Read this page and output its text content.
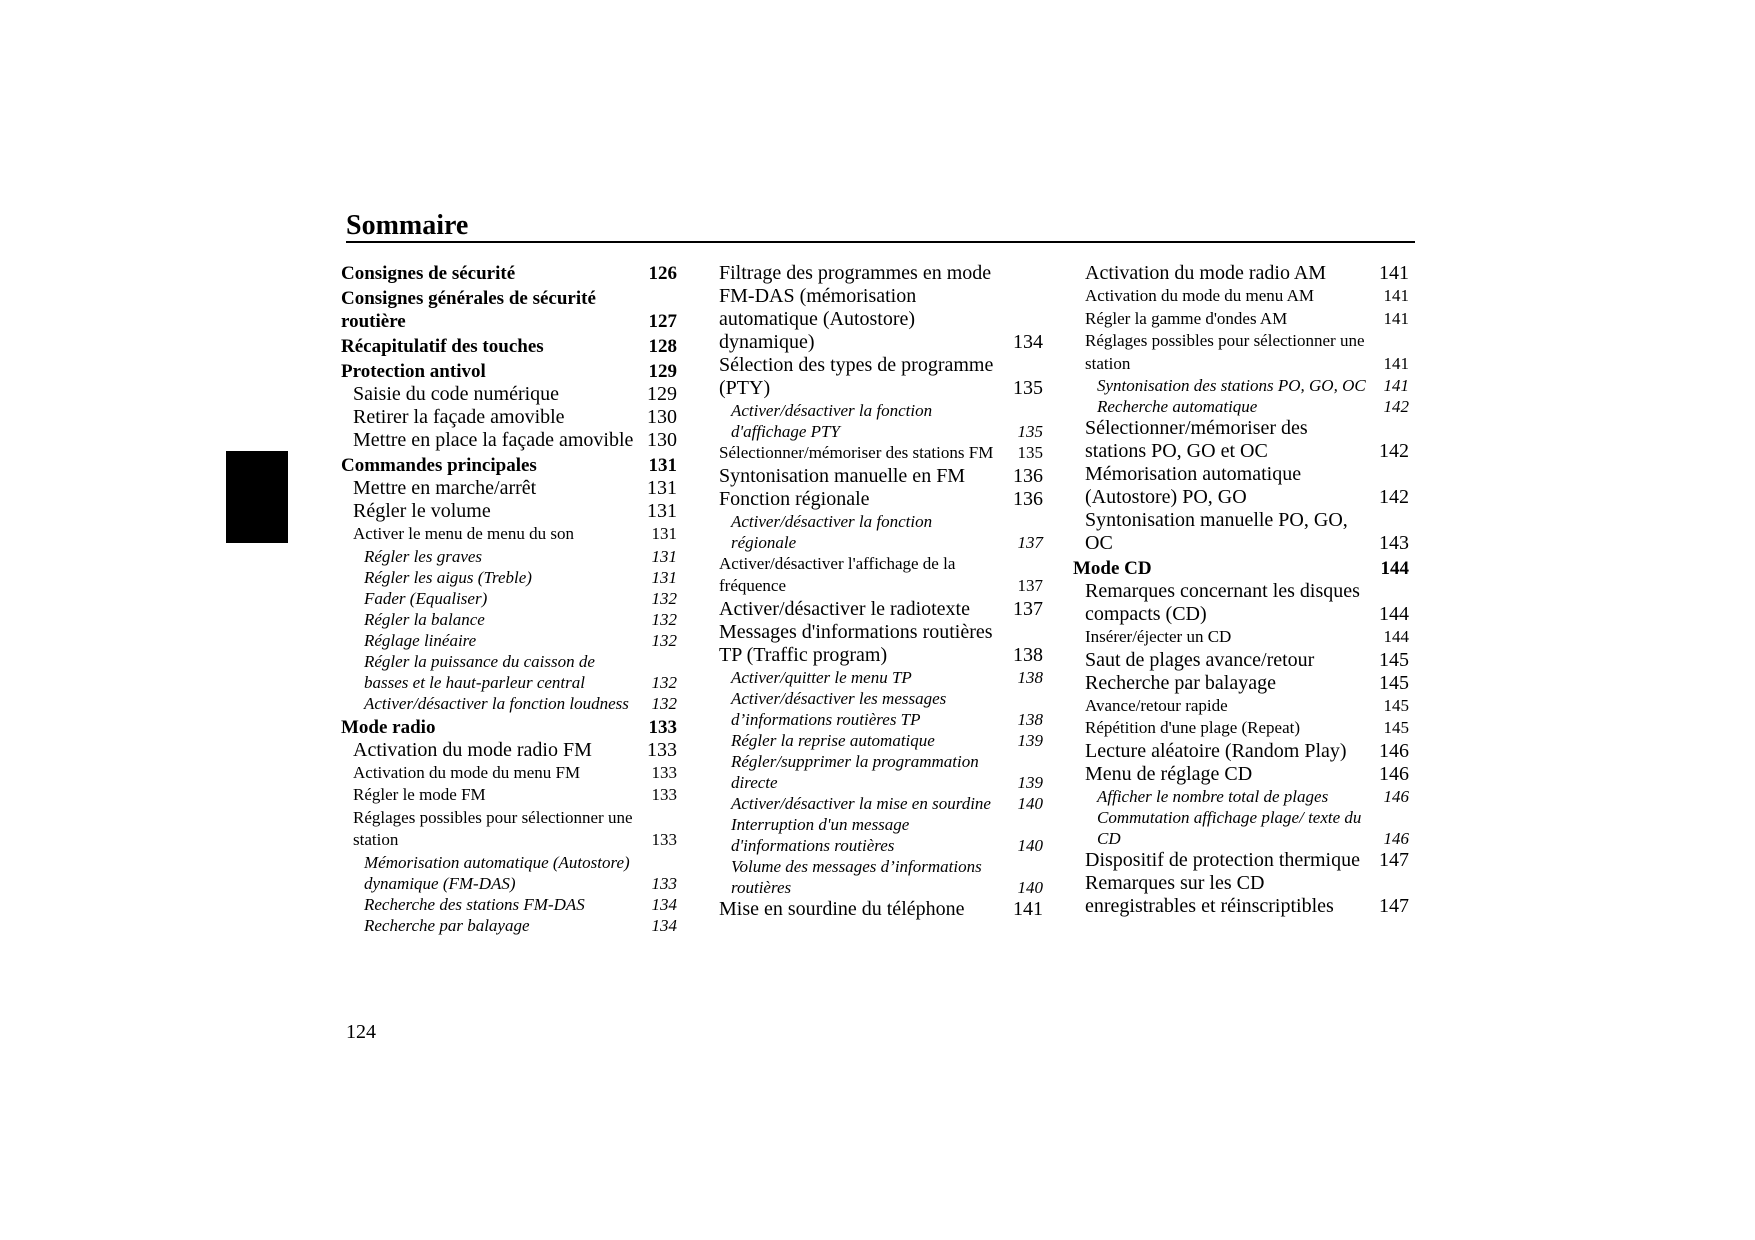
Sommaire
Consignes de sécurité	126
Consignes générales de sécurité routière	127
Récapitulatif des touches	128
Protection antivol	129
Saisie du code numérique	129
Retirer la façade amovible	130
Mettre en place la façade amovible 130
Commandes principales	131
Mettre en marche/arrêt	131
Régler le volume	131
Activer le menu de menu du son	131
Régler les graves	131
Régler les aigus (Treble)	131
Fader (Equaliser)	132
Régler la balance	132
Réglage linéaire	132
Régler la puissance du caisson de basses et le haut-parleur central	132
Activer/désactiver la fonction loudness	132
Mode radio	133
Activation du mode radio FM	133
Activation du mode du menu FM	133
Régler le mode FM	133
Réglages possibles pour sélectionner une station	133
Mémorisation automatique (Autostore) dynamique (FM-DAS)	133
Recherche des stations FM-DAS	134
Recherche par balayage	134
Filtrage des programmes en mode FM-DAS (mémorisation automatique (Autostore) dynamique)	134
Sélection des types de programme (PTY)	135
Activer/désactiver la fonction d'affichage PTY	135
Sélectionner/mémoriser des stations FM	135
Syntonisation manuelle en FM	136
Fonction régionale	136
Activer/désactiver la fonction régionale	137
Activer/désactiver l'affichage de la fréquence	137
Activer/désactiver le radiotexte	137
Messages d'informations routières TP (Traffic program)	138
Activer/quitter le menu TP	138
Activer/désactiver les messages d’informations routières TP	138
Régler la reprise automatique	139
Régler/supprimer la programmation directe	139
Activer/désactiver la mise en sourdine	140
Interruption d'un message d'informations routières	140
Volume des messages d’informations routières	140
Mise en sourdine du téléphone	141
Activation du mode radio AM	141
Activation du mode du menu AM	141
Régler la gamme d'ondes AM	141
Réglages possibles pour sélectionner une station	141
Syntonisation des stations PO, GO, OC 141
Recherche automatique	142
Sélectionner/mémoriser des stations PO, GO et OC	142
Mémorisation automatique (Autostore) PO, GO	142
Syntonisation manuelle PO, GO, OC	143
Mode CD	144
Remarques concernant les disques compacts (CD)	144
Insérer/éjecter un CD	144
Saut de plages avance/retour	145
Recherche par balayage	145
Avance/retour rapide	145
Répétition d'une plage (Repeat)	145
Lecture aléatoire (Random Play)	146
Menu de réglage CD	146
Afficher le nombre total de plages	146
Commutation affichage plage/ texte du CD	146
Dispositif de protection thermique 147
Remarques sur les CD enregistrables et réinscriptibles	147
124
